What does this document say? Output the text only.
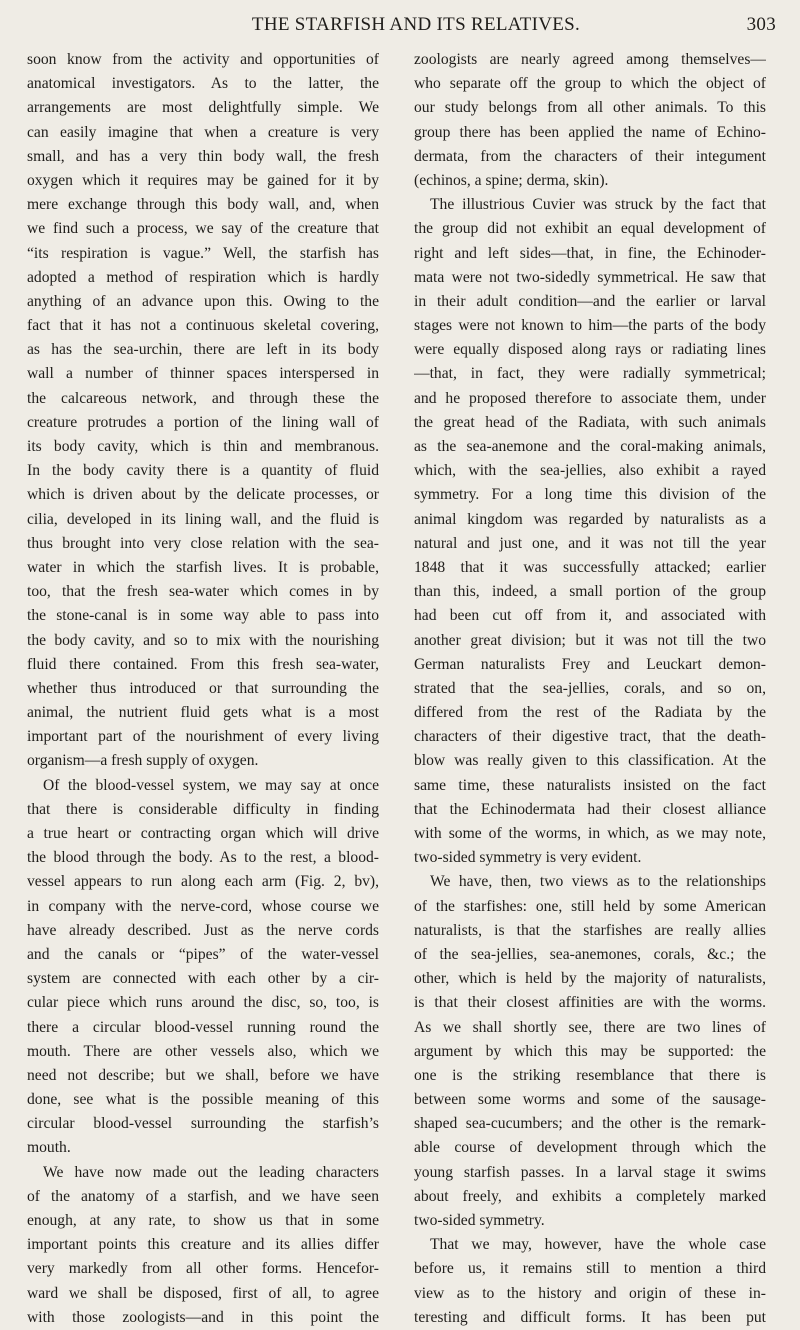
THE STARFISH AND ITS RELATIVES.	303
soon know from the activity and opportunities of
anatomical investigators. As to the latter, the
arrangements are most delightfully simple. We
can easily imagine that when a creature is very
small, and has a very thin body wall, the fresh
oxygen which it requires may be gained for it by
mere exchange through this body wall, and, when
we find such a process, we say of the creature that
“its respiration is vague.” Well, the starfish has
adopted a method of respiration which is hardly
anything of an advance upon this. Owing to the
fact that it has not a continuous skeletal covering,
as has the sea-urchin, there are left in its body
wall a number of thinner spaces interspersed in
the calcareous network, and through these the
creature protrudes a portion of the lining wall of
its body cavity, which is thin and membranous.
In the body cavity there is a quantity of fluid
which is driven about by the delicate processes, or
cilia, developed in its lining wall, and the fluid is
thus brought into very close relation with the sea-
water in which the starfish lives. It is probable,
too, that the fresh sea-water which comes in by
the stone-canal is in some way able to pass into
the body cavity, and so to mix with the nourishing
fluid there contained. From this fresh sea-water,
whether thus introduced or that surrounding the
animal, the nutrient fluid gets what is a most
important part of the nourishment of every living
organism—a fresh supply of oxygen.
Of the blood-vessel system, we may say at once
that there is considerable difficulty in finding
a true heart or contracting organ which will drive
the blood through the body. As to the rest, a blood-
vessel appears to run along each arm (Fig. 2, bv),
in company with the nerve-cord, whose course we
have already described. Just as the nerve cords
and the canals or “pipes” of the water-vessel
system are connected with each other by a cir-
cular piece which runs around the disc, so, too, is
there a circular blood-vessel running round the
mouth. There are other vessels also, which we
need not describe; but we shall, before we have
done, see what is the possible meaning of this
circular blood-vessel surrounding the starfish’s
mouth.
We have now made out the leading characters
of the anatomy of a starfish, and we have seen
enough, at any rate, to show us that in some
important points this creature and its allies differ
very markedly from all other forms. Hencefor-
ward we shall be disposed, first of all, to agree
with those zoologists—and in this point the
zoologists are nearly agreed among themselves—
who separate off the group to which the object of
our study belongs from all other animals. To this
group there has been applied the name of Echino-
dermata, from the characters of their integument
(echinos, a spine; derma, skin).
The illustrious Cuvier was struck by the fact that
the group did not exhibit an equal development of
right and left sides—that, in fine, the Echinoder-
mata were not two-sidedly symmetrical. He saw that
in their adult condition—and the earlier or larval
stages were not known to him—the parts of the body
were equally disposed along rays or radiating lines
—that, in fact, they were radially symmetrical;
and he proposed therefore to associate them, under
the great head of the Radiata, with such animals
as the sea-anemone and the coral-making animals,
which, with the sea-jellies, also exhibit a rayed
symmetry. For a long time this division of the
animal kingdom was regarded by naturalists as a
natural and just one, and it was not till the year
1848 that it was successfully attacked; earlier
than this, indeed, a small portion of the group
had been cut off from it, and associated with
another great division; but it was not till the two
German naturalists Frey and Leuckart demon-
strated that the sea-jellies, corals, and so on,
differed from the rest of the Radiata by the
characters of their digestive tract, that the death-
blow was really given to this classification. At the
same time, these naturalists insisted on the fact
that the Echinodermata had their closest alliance
with some of the worms, in which, as we may note,
two-sided symmetry is very evident.
We have, then, two views as to the relationships
of the starfishes: one, still held by some American
naturalists, is that the starfishes are really allies
of the sea-jellies, sea-anemones, corals, &c.; the
other, which is held by the majority of naturalists,
is that their closest affinities are with the worms.
As we shall shortly see, there are two lines of
argument by which this may be supported: the
one is the striking resemblance that there is
between some worms and some of the sausage-
shaped sea-cucumbers; and the other is the remark-
able course of development through which the
young starfish passes. In a larval stage it swims
about freely, and exhibits a completely marked
two-sided symmetry.
That we may, however, have the whole case
before us, it remains still to mention a third
view as to the history and origin of these in-
teresting and difficult forms. It has been put
